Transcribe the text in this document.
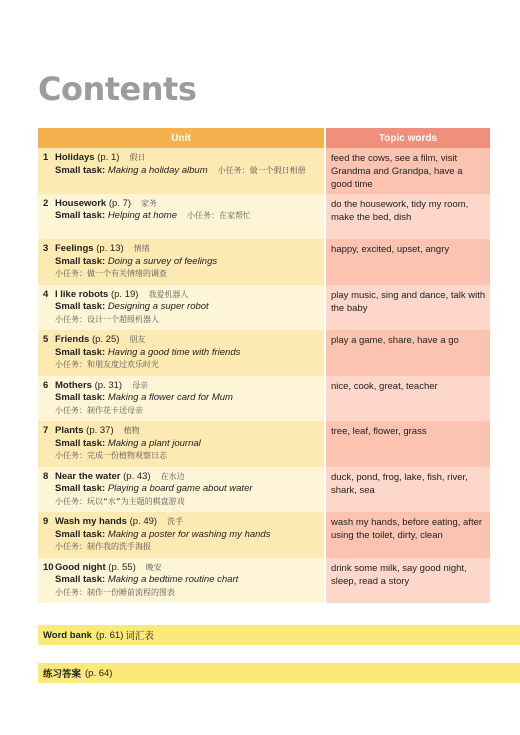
Contents
Unit	Topic words
1 Holidays (p. 1) 假日
Small task: Making a holiday album 小任务：做一个假日相册
feed the cows, see a film, visit Grandma and Grandpa, have a good time
2 Housework (p. 7) 家务
Small task: Helping at home 小任务：在家帮忙
do the housework, tidy my room, make the bed, dish
3 Feelings (p. 13) 情绪
Small task: Doing a survey of feelings
小任务：做一个有关情绪的调查
happy, excited, upset, angry
4 I like robots (p. 19) 我爱机器人
Small task: Designing a super robot
小任务：设计一个超级机器人
play music, sing and dance, talk with the baby
5 Friends (p. 25) 朋友
Small task: Having a good time with friends
小任务：和朋友度过欢乐时光
play a game, share, have a go
6 Mothers (p. 31) 母亲
Small task: Making a flower card for Mum
小任务：制作花卡送母亲
nice, cook, great, teacher
7 Plants (p. 37) 植物
Small task: Making a plant journal
小任务：完成一份植物观察日志
tree, leaf, flower, grass
8 Near the water (p. 43) 在水边
Small task: Playing a board game about water
小任务：玩以“水”为主题的棋盘游戏
duck, pond, frog, lake, fish, river, shark, sea
9 Wash my hands (p. 49) 洗手
Small task: Making a poster for washing my hands
小任务：制作我的洗手海报
wash my hands, before eating, after using the toilet, dirty, clean
10Good night (p. 55) 晚安
Small task: Making a bedtime routine chart
小任务：制作一份睡前流程的图表
drink some milk, say good night, sleep, read a story
Word bank (p. 61) 词汇表
练习答案 (p. 64)
